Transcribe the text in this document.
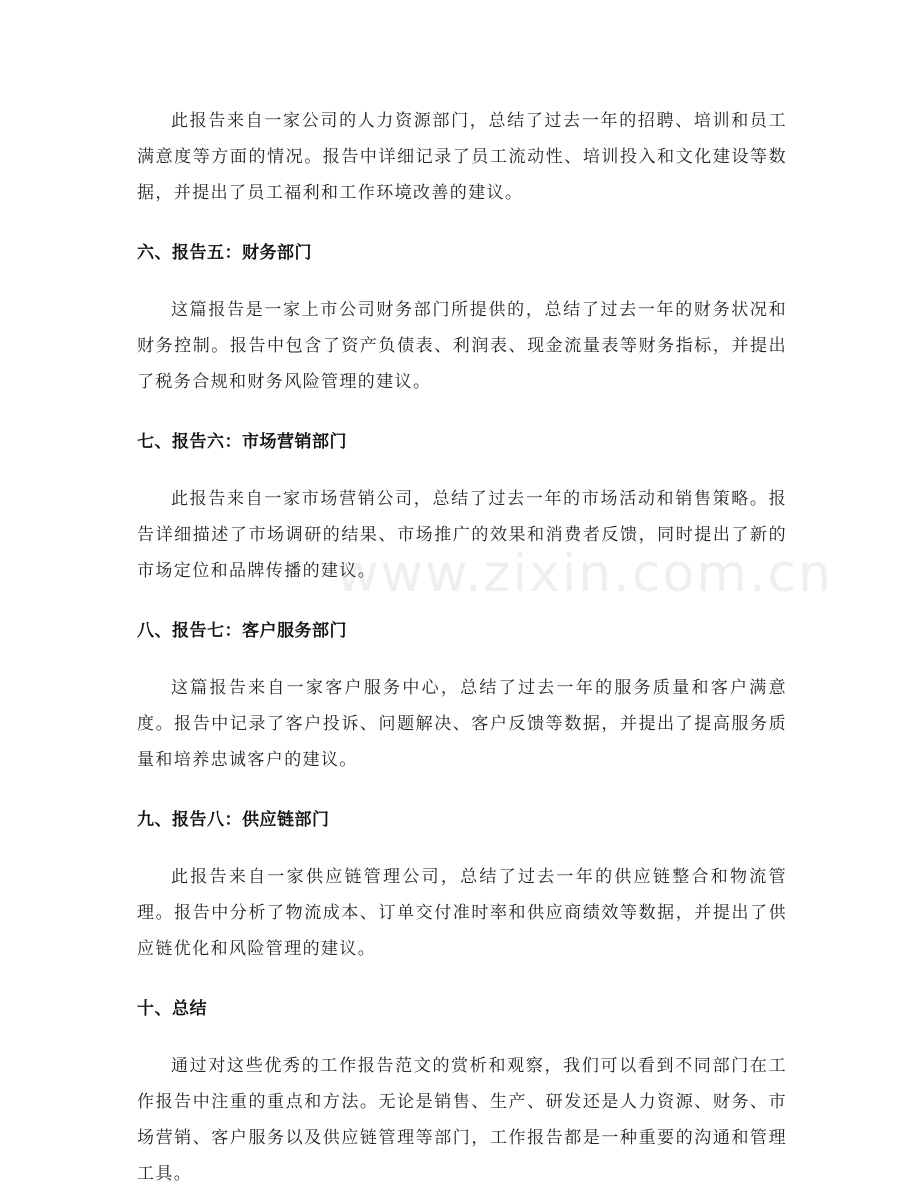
www.zixin.com.cn

此报告来自一家公司的人力资源部门，总结了过去一年的招聘、培训和员工满意度等方面的情况。报告中详细记录了员工流动性、培训投入和文化建设等数据，并提出了员工福利和工作环境改善的建议。

六、报告五：财务部门

这篇报告是一家上市公司财务部门所提供的，总结了过去一年的财务状况和财务控制。报告中包含了资产负债表、利润表、现金流量表等财务指标，并提出了税务合规和财务风险管理的建议。

七、报告六：市场营销部门

此报告来自一家市场营销公司，总结了过去一年的市场活动和销售策略。报告详细描述了市场调研的结果、市场推广的效果和消费者反馈，同时提出了新的市场定位和品牌传播的建议。

八、报告七：客户服务部门

这篇报告来自一家客户服务中心，总结了过去一年的服务质量和客户满意度。报告中记录了客户投诉、问题解决、客户反馈等数据，并提出了提高服务质量和培养忠诚客户的建议。

九、报告八：供应链部门

此报告来自一家供应链管理公司，总结了过去一年的供应链整合和物流管理。报告中分析了物流成本、订单交付准时率和供应商绩效等数据，并提出了供应链优化和风险管理的建议。

十、总结

通过对这些优秀的工作报告范文的赏析和观察，我们可以看到不同部门在工作报告中注重的重点和方法。无论是销售、生产、研发还是人力资源、财务、市场营销、客户服务以及供应链管理等部门，工作报告都是一种重要的沟通和管理工具。
